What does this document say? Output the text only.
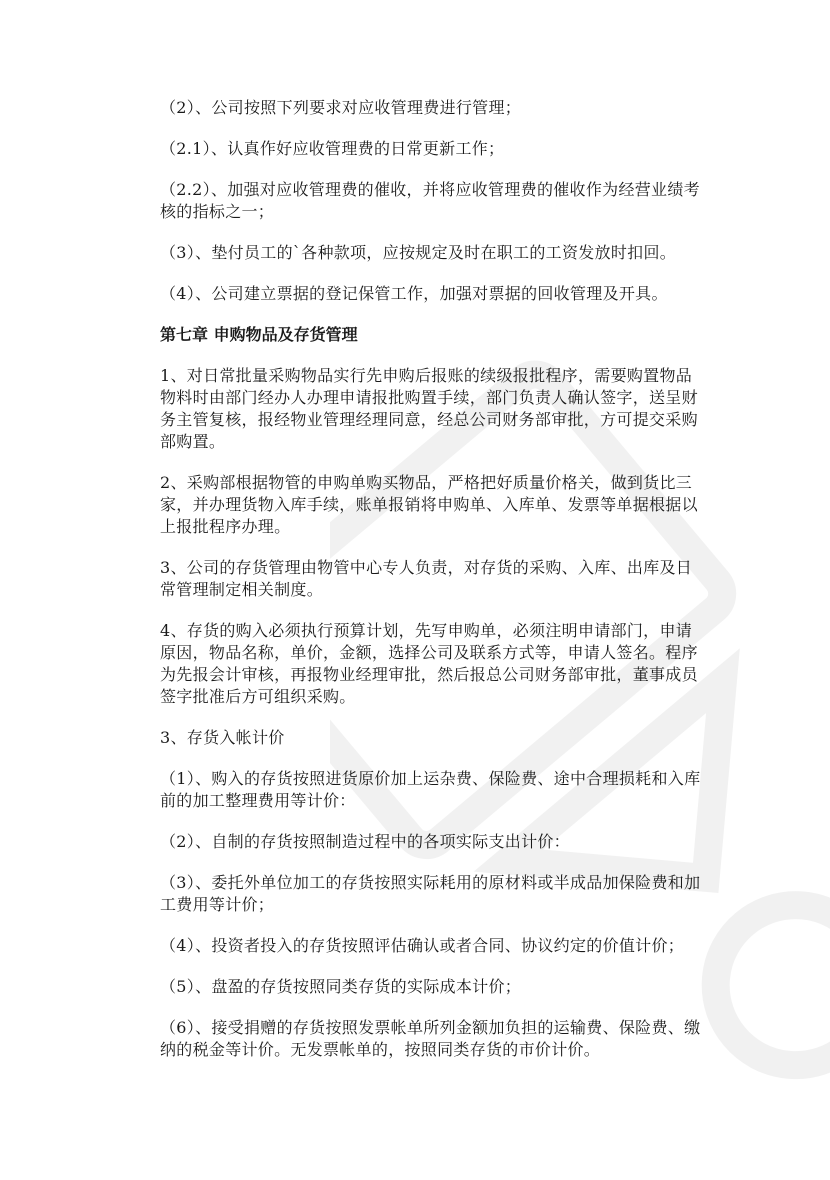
（2）、公司按照下列要求对应收管理费进行管理；

（2.1）、认真作好应收管理费的日常更新工作；

（2.2）、加强对应收管理费的催收，并将应收管理费的催收作为经营业绩考核的指标之一；

（3）、垫付员工的`各种款项，应按规定及时在职工的工资发放时扣回。

（4）、公司建立票据的登记保管工作，加强对票据的回收管理及开具。

第七章 申购物品及存货管理

1、对日常批量采购物品实行先申购后报账的续级报批程序，需要购置物品物料时由部门经办人办理申请报批购置手续，部门负责人确认签字，送呈财务主管复核，报经物业管理经理同意，经总公司财务部审批，方可提交采购部购置。

2、采购部根据物管的申购单购买物品，严格把好质量价格关，做到货比三家，并办理货物入库手续，账单报销将申购单、入库单、发票等单据根据以上报批程序办理。

3、公司的存货管理由物管中心专人负责，对存货的采购、入库、出库及日常管理制定相关制度。

4、存货的购入必须执行预算计划，先写申购单，必须注明申请部门，申请原因，物品名称，单价，金额，选择公司及联系方式等，申请人签名。程序为先报会计审核，再报物业经理审批，然后报总公司财务部审批，董事成员签字批准后方可组织采购。

3、存货入帐计价

（1）、购入的存货按照进货原价加上运杂费、保险费、途中合理损耗和入库前的加工整理费用等计价：

（2）、自制的存货按照制造过程中的各项实际支出计价：

（3）、委托外单位加工的存货按照实际耗用的原材料或半成品加保险费和加工费用等计价；

（4）、投资者投入的存货按照评估确认或者合同、协议约定的价值计价；

（5）、盘盈的存货按照同类存货的实际成本计价；

（6）、接受捐赠的存货按照发票帐单所列金额加负担的运输费、保险费、缴纳的税金等计价。无发票帐单的，按照同类存货的市价计价。
